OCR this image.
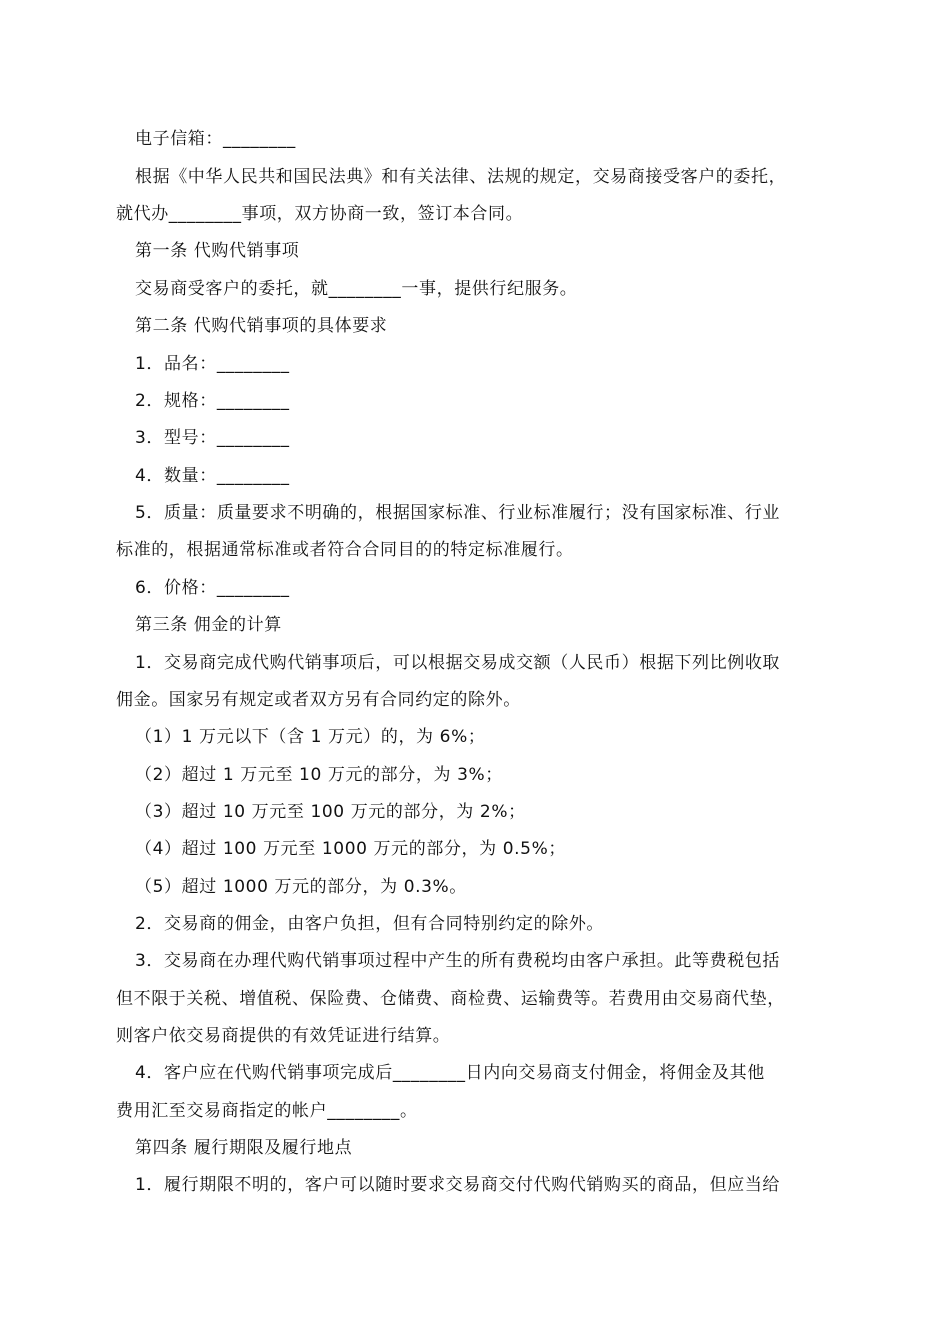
电子信箱：________
根据《中华人民共和国民法典》和有关法律、法规的规定，交易商接受客户的委托，
就代办________事项，双方协商一致，签订本合同。
第一条 代购代销事项
交易商受客户的委托，就________一事，提供行纪服务。
第二条 代购代销事项的具体要求
1．品名：________
2．规格：________
3．型号：________
4．数量：________
5．质量：质量要求不明确的，根据国家标准、行业标准履行；没有国家标准、行业
标准的，根据通常标准或者符合合同目的的特定标准履行。
6．价格：________
第三条 佣金的计算
1．交易商完成代购代销事项后，可以根据交易成交额（人民币）根据下列比例收取
佣金。国家另有规定或者双方另有合同约定的除外。
（1）1 万元以下（含 1 万元）的，为 6%；
（2）超过 1 万元至 10 万元的部分，为 3%；
（3）超过 10 万元至 100 万元的部分，为 2%；
（4）超过 100 万元至 1000 万元的部分，为 0.5%；
（5）超过 1000 万元的部分，为 0.3%。
2．交易商的佣金，由客户负担，但有合同特别约定的除外。
3．交易商在办理代购代销事项过程中产生的所有费税均由客户承担。此等费税包括
但不限于关税、增值税、保险费、仓储费、商检费、运输费等。若费用由交易商代垫，
则客户依交易商提供的有效凭证进行结算。
4．客户应在代购代销事项完成后________日内向交易商支付佣金，将佣金及其他
费用汇至交易商指定的帐户________。
第四条 履行期限及履行地点
1．履行期限不明的，客户可以随时要求交易商交付代购代销购买的商品，但应当给
